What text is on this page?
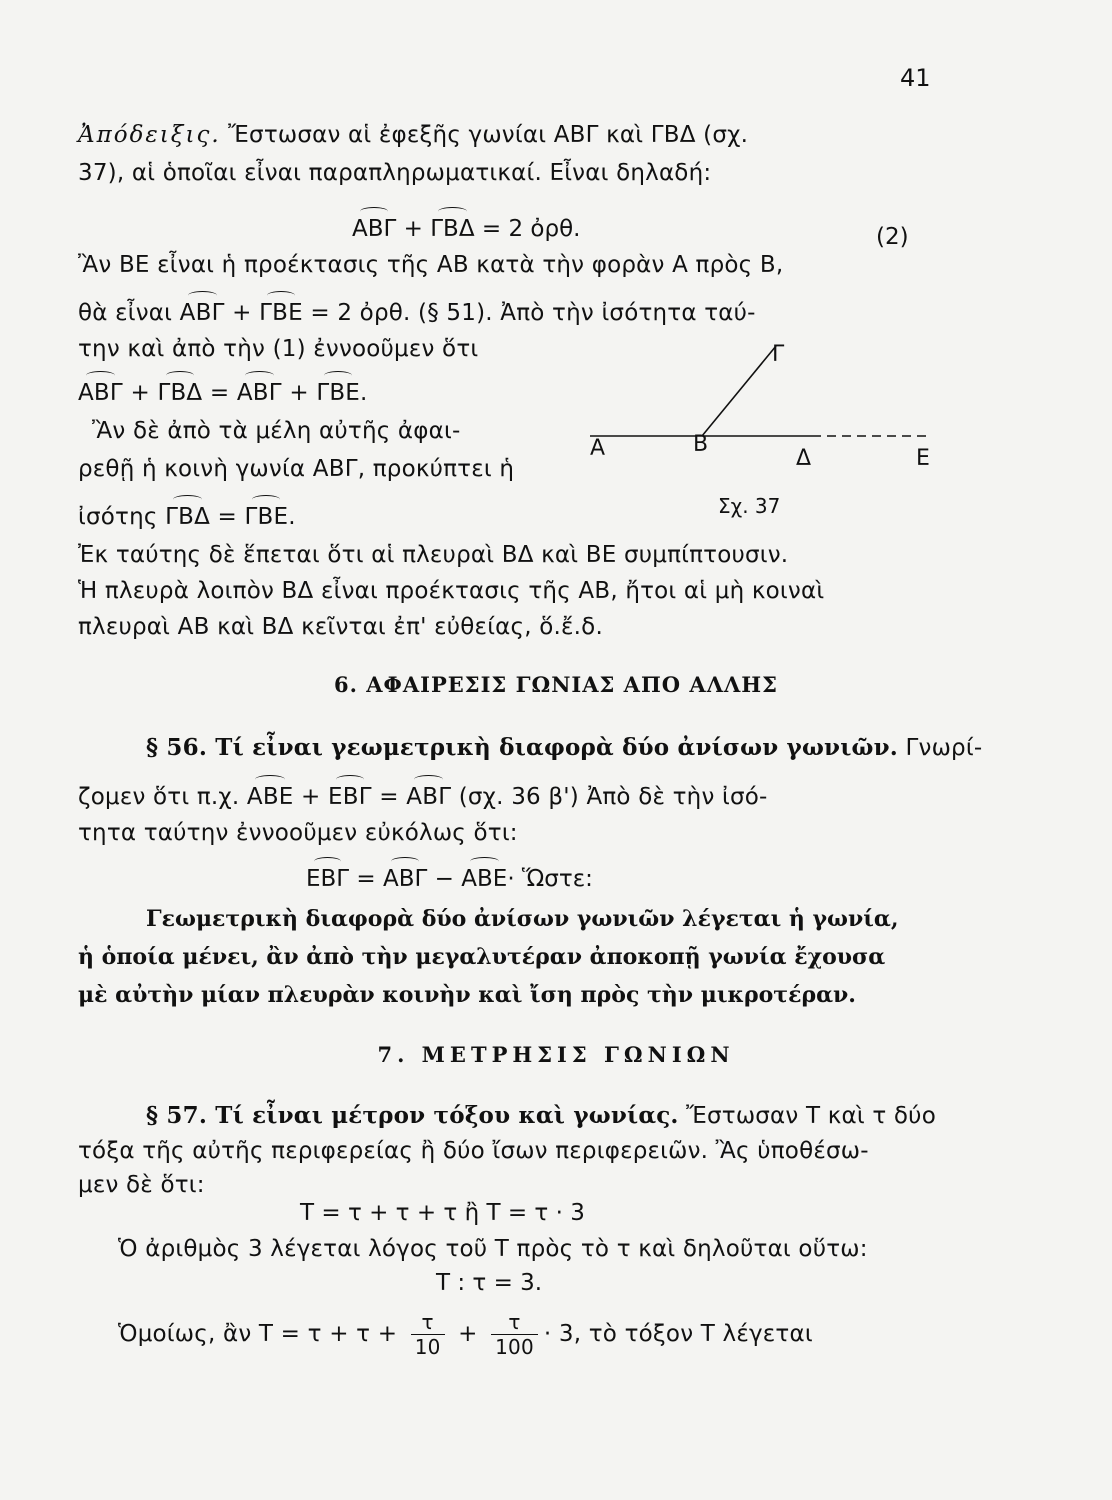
41
Ἀπόδειξις. Ἔστωσαν αἱ ἐφεξῆς γωνίαι ΑΒΓ καὶ ΓΒΔ (σχ.
37), αἱ ὁποῖαι εἶναι παραπληρωματικαί. Εἶναι δηλαδή:
ΑΒΓ + ΓΒΔ = 2 ὀρθ.	(2)
Ἂν ΒΕ εἶναι ἡ προέκτασις τῆς ΑΒ κατὰ τὴν φορὰν Α πρὸς Β,
θὰ εἶναι ΑΒΓ + ΓΒΕ = 2 ὀρθ. (§ 51). Ἀπὸ τὴν ἰσότητα ταύ-
την καὶ ἀπὸ τὴν (1) ἐννοοῦμεν ὅτι
ΑΒΓ + ΓΒΔ = ΑΒΓ + ΓΒΕ.
Ἂν δὲ ἀπὸ τὰ μέλη αὐτῆς ἀφαι-
ρεθῇ ἡ κοινὴ γωνία ΑΒΓ, προκύπτει ἡ
ἰσότης ΓΒΔ = ΓΒΕ.
Α	Β
Γ
Δ	Ε
Σχ. 37
Ἐκ ταύτης δὲ ἕπεται ὅτι αἱ πλευραὶ ΒΔ καὶ ΒΕ συμπίπτουσιν.
Ἡ πλευρὰ λοιπὸν ΒΔ εἶναι προέκτασις τῆς ΑΒ, ἤτοι αἱ μὴ κοιναὶ
πλευραὶ ΑΒ καὶ ΒΔ κεῖνται ἐπ' εὐθείας, ὅ.ἔ.δ.
6. ΑΦΑΙΡΕΣΙΣ ΓΩΝΙΑΣ ΑΠΟ ΑΛΛΗΣ
§ 56. Τί εἶναι γεωμετρικὴ διαφορὰ δύο ἀνίσων γωνιῶν. Γνωρί-
ζομεν ὅτι π.χ. ΑΒΕ + ΕΒΓ = ΑΒΓ (σχ. 36 β') Ἀπὸ δὲ τὴν ἰσό-
τητα ταύτην ἐννοοῦμεν εὐκόλως ὅτι:
ΕΒΓ = ΑΒΓ − ΑΒΕ· Ὥστε:
Γεωμετρικὴ διαφορὰ δύο ἀνίσων γωνιῶν λέγεται ἡ γωνία,
ἡ ὁποία μένει, ἂν ἀπὸ τὴν μεγαλυτέραν ἀποκοπῇ γωνία ἔχουσα
μὲ αὐτὴν μίαν πλευρὰν κοινὴν καὶ ἴση πρὸς τὴν μικροτέραν.
7. ΜΕΤΡΗΣΙΣ ΓΩΝΙΩΝ
§ 57. Τί εἶναι μέτρον τόξου καὶ γωνίας. Ἔστωσαν Τ καὶ τ δύο
τόξα τῆς αὐτῆς περιφερείας ἢ δύο ἴσων περιφερειῶν. Ἂς ὑποθέσω-
μεν δὲ ὅτι:
Τ = τ + τ + τ ἢ Τ = τ · 3
Ὁ ἀριθμὸς 3 λέγεται λόγος τοῦ Τ πρὸς τὸ τ καὶ δηλοῦται οὕτω:
Τ : τ = 3.
Ὁμοίως, ἂν $T = \tau + \tau + \frac{\tau}{10} + \frac{\tau}{100} \cdot 3$, τὸ τόξον Τ λέγεται
